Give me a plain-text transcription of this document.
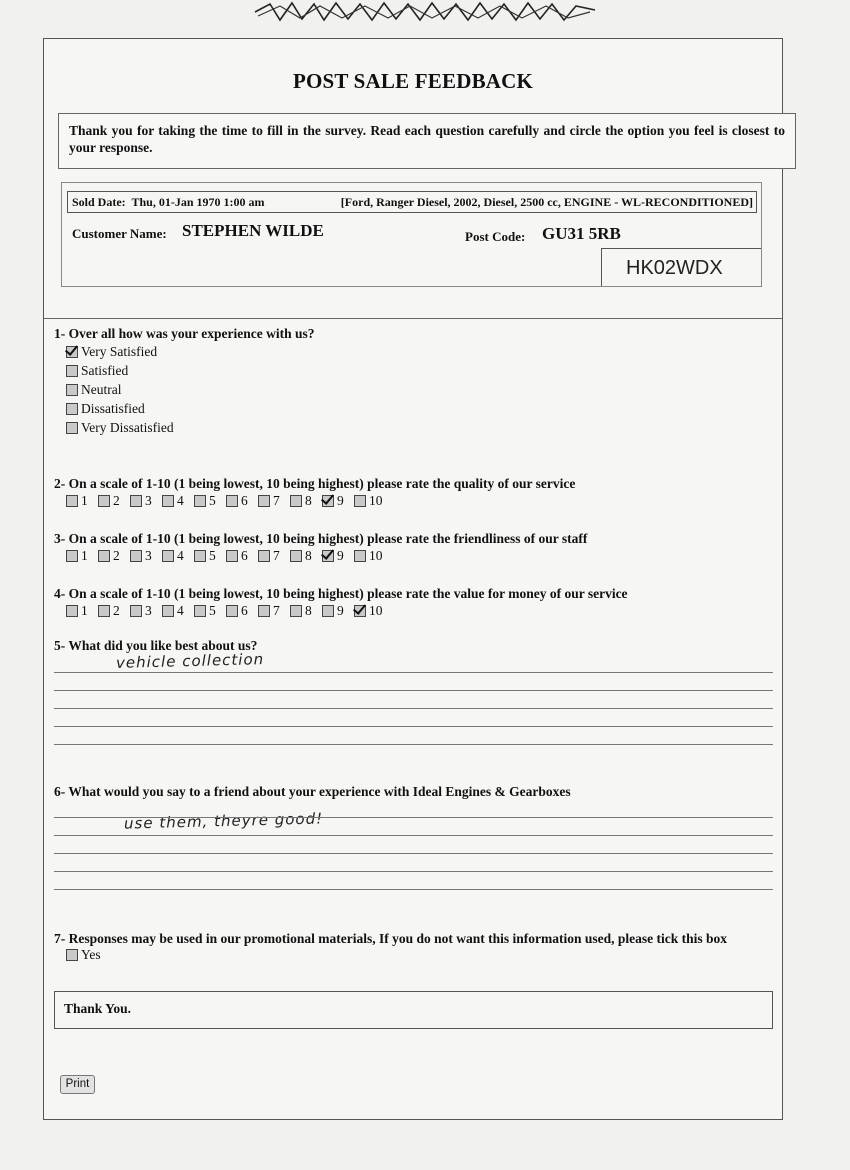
POST SALE FEEDBACK
Thank you for taking the time to fill in the survey. Read each question carefully and circle the option you feel is closest to your response.
Sold Date: Thu, 01-Jan 1970 1:00 am	[Ford, Ranger Diesel, 2002, Diesel, 2500 cc, ENGINE - WL-RECONDITIONED]
Customer Name: STEPHEN WILDE	Post Code: GU31 5RB
HK02WDX
1- Over all how was your experience with us?
Very Satisfied
Satisfied
Neutral
Dissatisfied
Very Dissatisfied
2- On a scale of 1-10 (1 being lowest, 10 being highest) please rate the quality of our service
1 2 3 4 5 6 7 8 9 10
3- On a scale of 1-10 (1 being lowest, 10 being highest) please rate the friendliness of our staff
1 2 3 4 5 6 7 8 9 10
4- On a scale of 1-10 (1 being lowest, 10 being highest) please rate the value for money of our service
1 2 3 4 5 6 7 8 9 10
5- What did you like best about us?
vehicle collection
6- What would you say to a friend about your experience with Ideal Engines & Gearboxes
use them, theyre good!
7- Responses may be used in our promotional materials, If you do not want this information used, please tick this box
Yes
Thank You.
Print
